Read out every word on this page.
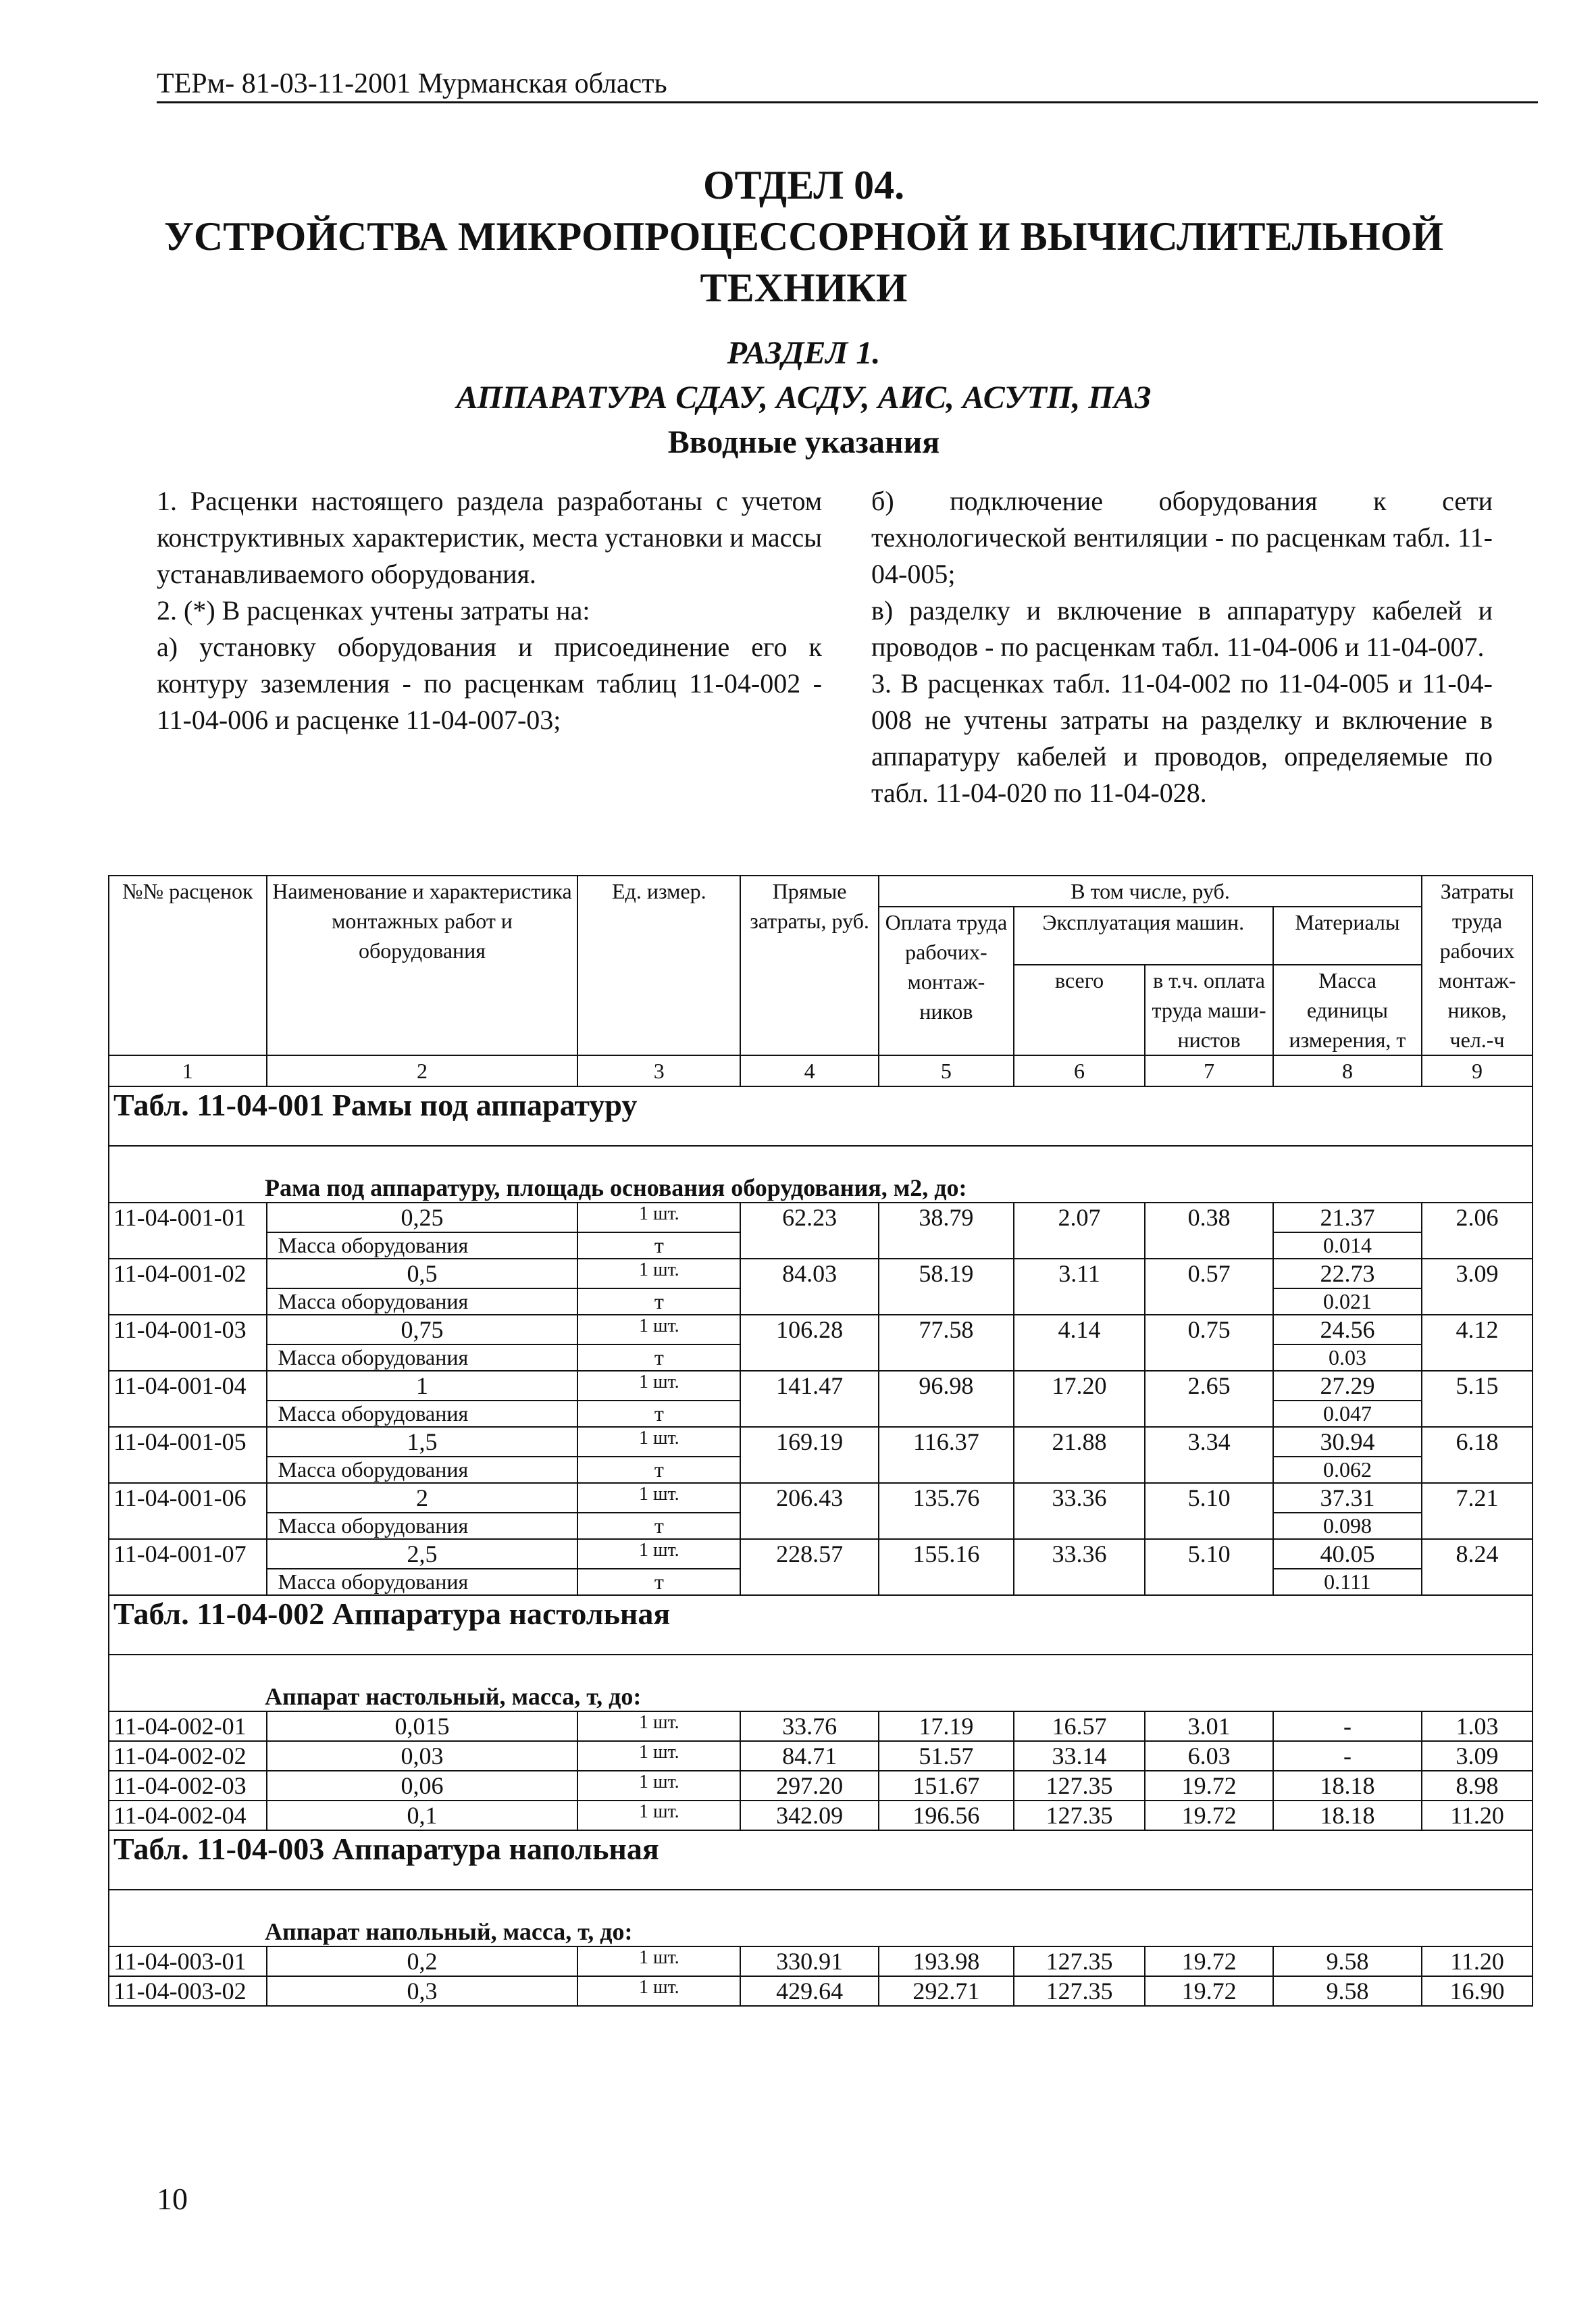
ТЕРм- 81-03-11-2001 Мурманская область
ОТДЕЛ 04.
УСТРОЙСТВА МИКРОПРОЦЕССОРНОЙ И ВЫЧИСЛИТЕЛЬНОЙ
ТЕХНИКИ
РАЗДЕЛ 1.
АППАРАТУРА СДАУ, АСДУ, АИС, АСУТП, ПАЗ
Вводные указания

1. Расценки настоящего раздела разработаны с учетом конструктивных характеристик, места установки и массы устанавливаемого оборудования.

2. (*) В расценках учтены затраты на:

а) установку оборудования и присоединение его к контуру заземления - по расценкам таблиц 11-04-002 - 11-04-006 и расценке 11-04-007-03;

б) подключение оборудования к сети технологической вентиляции - по расценкам табл. 11-04-005;

в) разделку и включение в аппаратуру кабелей и проводов - по расценкам табл. 11-04-006 и 11-04-007.

3. В расценках табл. 11-04-002 по 11-04-005 и 11-04-008 не учтены затраты на разделку и включение в аппаратуру кабелей и проводов, определяемые по табл. 11-04-020 по 11-04-028.

№№ расценок	Наименование и характеристика монтажных работ и оборудования	Ед. измер.	Прямые затраты, руб.	В том числе, руб.				Затраты труда рабочих монтаж-ников, чел.-ч
				Оплата труда рабочих-монтаж-ников	Эксплуатация машин.		Материалы	
					всего	в т.ч. оплата труда маши-нистов	Масса единицы измерения, т	
1	2	3	4	5	6	7	8	9
Табл. 11-04-001 Рамы под аппаратуру								
Рама под аппаратуру, площадь основания оборудования, м2, до:								
11-04-001-01	0,25	1 шт.	62.23	38.79	2.07	0.38	21.37	2.06
	Масса оборудования	т					0.014	
11-04-001-02	0,5	1 шт.	84.03	58.19	3.11	0.57	22.73	3.09
	Масса оборудования	т					0.021	
11-04-001-03	0,75	1 шт.	106.28	77.58	4.14	0.75	24.56	4.12
	Масса оборудования	т					0.03	
11-04-001-04	1	1 шт.	141.47	96.98	17.20	2.65	27.29	5.15
	Масса оборудования	т					0.047	
11-04-001-05	1,5	1 шт.	169.19	116.37	21.88	3.34	30.94	6.18
	Масса оборудования	т					0.062	
11-04-001-06	2	1 шт.	206.43	135.76	33.36	5.10	37.31	7.21
	Масса оборудования	т					0.098	
11-04-001-07	2,5	1 шт.	228.57	155.16	33.36	5.10	40.05	8.24
	Масса оборудования	т					0.111	
Табл. 11-04-002 Аппаратура настольная								
Аппарат настольный, масса, т, до:								
11-04-002-01	0,015	1 шт.	33.76	17.19	16.57	3.01	-	1.03
11-04-002-02	0,03	1 шт.	84.71	51.57	33.14	6.03	-	3.09
11-04-002-03	0,06	1 шт.	297.20	151.67	127.35	19.72	18.18	8.98
11-04-002-04	0,1	1 шт.	342.09	196.56	127.35	19.72	18.18	11.20
Табл. 11-04-003 Аппаратура напольная								
Аппарат напольный, масса, т, до:								
11-04-003-01	0,2	1 шт.	330.91	193.98	127.35	19.72	9.58	11.20
11-04-003-02	0,3	1 шт.	429.64	292.71	127.35	19.72	9.58	16.90
10
